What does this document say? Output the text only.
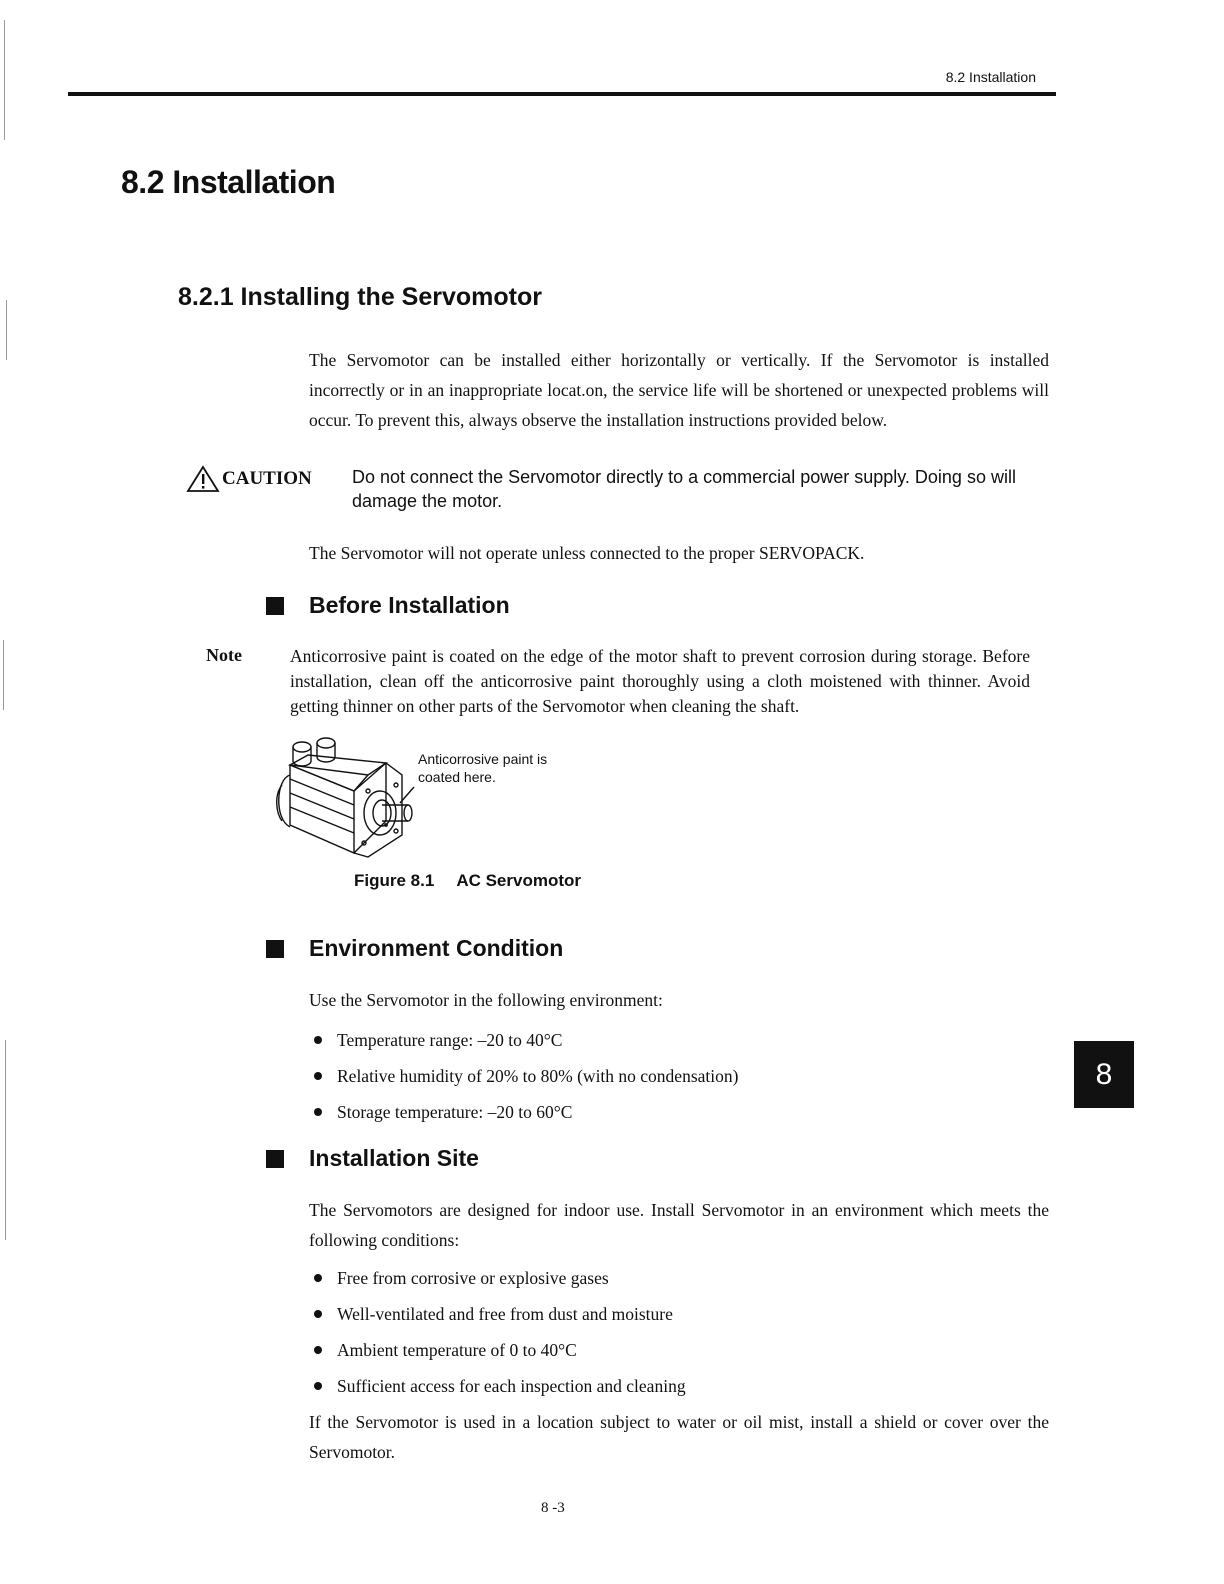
8.2 Installation
8.2 Installation
8.2.1 Installing the Servomotor

The Servomotor can be installed either horizontally or vertically. If the Servomotor is installed incorrectly or in an inappropriate locat.on, the service life will be shortened or unexpected problems will occur. To prevent this, always observe the installation instructions provided below.

CAUTION Do not connect the Servomotor directly to a commercial power supply. Doing so will damage the motor.

The Servomotor will not operate unless connected to the proper SERVOPACK.

Before Installation
Note	Anticorrosive paint is coated on the edge of the motor shaft to prevent corrosion during storage. Before installation, clean off the anticorrosive paint thoroughly using a cloth moistened with thinner. Avoid getting thinner on other parts of the Servomotor when cleaning the shaft.

Anticorrosive paint is
coated here.
Figure 8.1 AC Servomotor
Environment Condition

Use the Servomotor in the following environment:

Temperature range: –20 to 40°C
Relative humidity of 20% to 80% (with no condensation)
Storage temperature: –20 to 60°C
Installation Site

The Servomotors are designed for indoor use. Install Servomotor in an environment which meets the following conditions:

Free from corrosive or explosive gases
Well-ventilated and free from dust and moisture
Ambient temperature of 0 to 40°C
Sufficient access for each inspection and cleaning

If the Servomotor is used in a location subject to water or oil mist, install a shield or cover over the Servomotor.

8
8 -3
